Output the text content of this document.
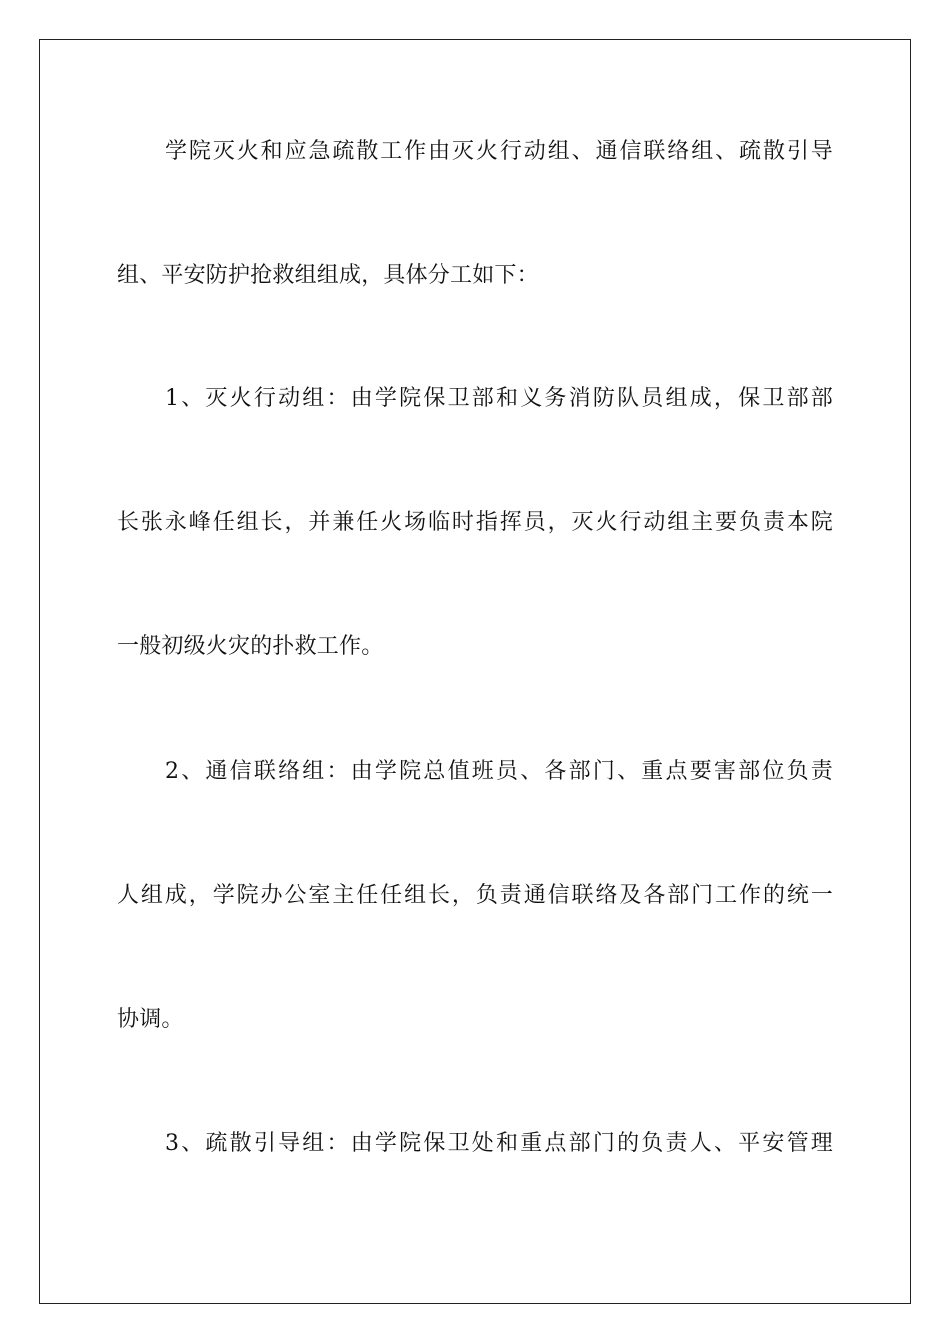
学院灭火和应急疏散工作由灭火行动组、通信联络组、疏散引导

组、平安防护抢救组组成，具体分工如下：

1、灭火行动组：由学院保卫部和义务消防队员组成，保卫部部

长张永峰任组长，并兼任火场临时指挥员，灭火行动组主要负责本院

一般初级火灾的扑救工作。

2、通信联络组：由学院总值班员、各部门、重点要害部位负责

人组成，学院办公室主任任组长，负责通信联络及各部门工作的统一

协调。

3、疏散引导组：由学院保卫处和重点部门的负责人、平安管理
